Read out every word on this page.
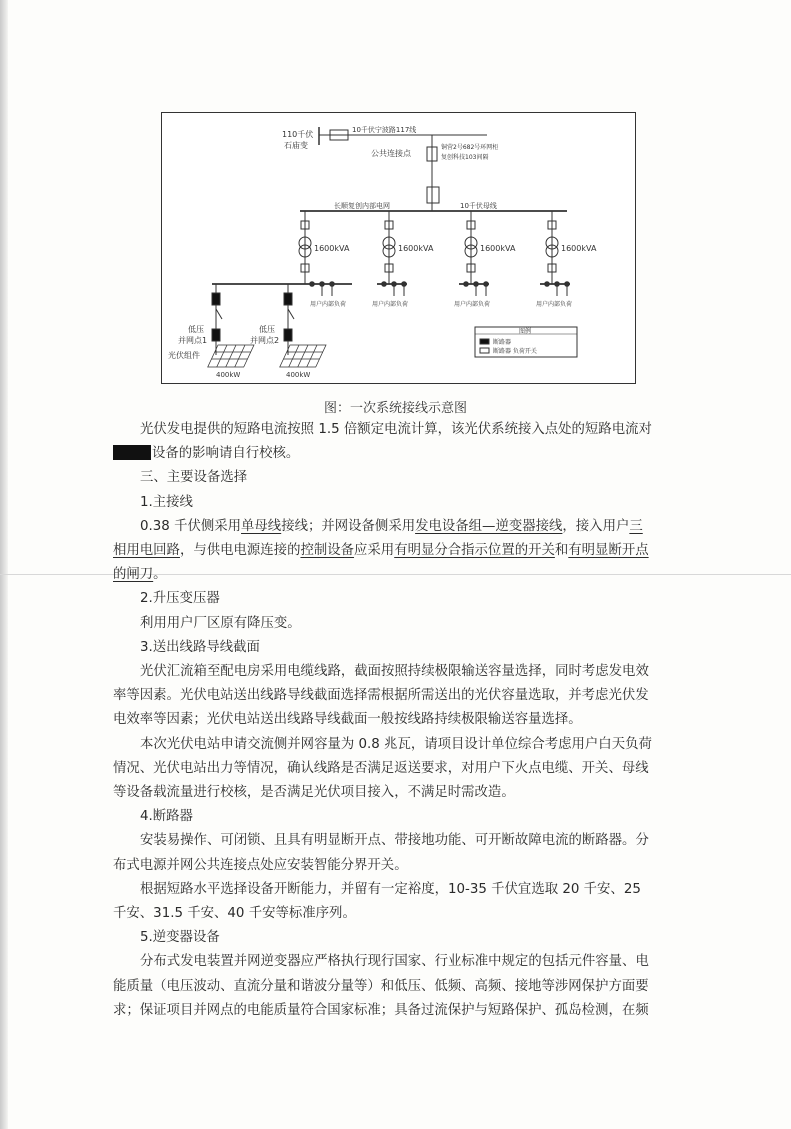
110千伏
石庙变
10千伏宁波路117线
公共连接点
铜营2号682号环网柜
复创科技103间隔
长顺复创内部电网	10千伏母线
1600kVA	1600kVA	1600kVA	1600kVA
用户内部负荷	用户内部负荷	用户内部负荷	用户内部负荷
低压
并网点1
低压
并网点2
光伏组件
400kW	400kW
图例
断路器
断路器 负荷开关
图：一次系统接线示意图

光伏发电提供的短路电流按照 1.5 倍额定电流计算，该光伏系统接入点处的短路电流对

设备的影响请自行校核。

三、主要设备选择

1.主接线

0.38 千伏侧采用单母线接线；并网设备侧采用发电设备组—逆变器接线，接入用户三

相用电回路，与供电电源连接的控制设备应采用有明显分合指示位置的开关和有明显断开点

的闸刀。

2.升压变压器

利用用户厂区原有降压变。

3.送出线路导线截面

光伏汇流箱至配电房采用电缆线路，截面按照持续极限输送容量选择，同时考虑发电效

率等因素。光伏电站送出线路导线截面选择需根据所需送出的光伏容量选取，并考虑光伏发

电效率等因素；光伏电站送出线路导线截面一般按线路持续极限输送容量选择。

本次光伏电站申请交流侧并网容量为 0.8 兆瓦，请项目设计单位综合考虑用户白天负荷

情况、光伏电站出力等情况，确认线路是否满足返送要求，对用户下火点电缆、开关、母线

等设备载流量进行校核，是否满足光伏项目接入，不满足时需改造。

4.断路器

安装易操作、可闭锁、且具有明显断开点、带接地功能、可开断故障电流的断路器。分

布式电源并网公共连接点处应安装智能分界开关。

根据短路水平选择设备开断能力，并留有一定裕度，10-35 千伏宜选取 20 千安、25

千安、31.5 千安、40 千安等标准序列。

5.逆变器设备

分布式发电装置并网逆变器应严格执行现行国家、行业标准中规定的包括元件容量、电

能质量（电压波动、直流分量和谐波分量等）和低压、低频、高频、接地等涉网保护方面要

求；保证项目并网点的电能质量符合国家标准；具备过流保护与短路保护、孤岛检测，在频
